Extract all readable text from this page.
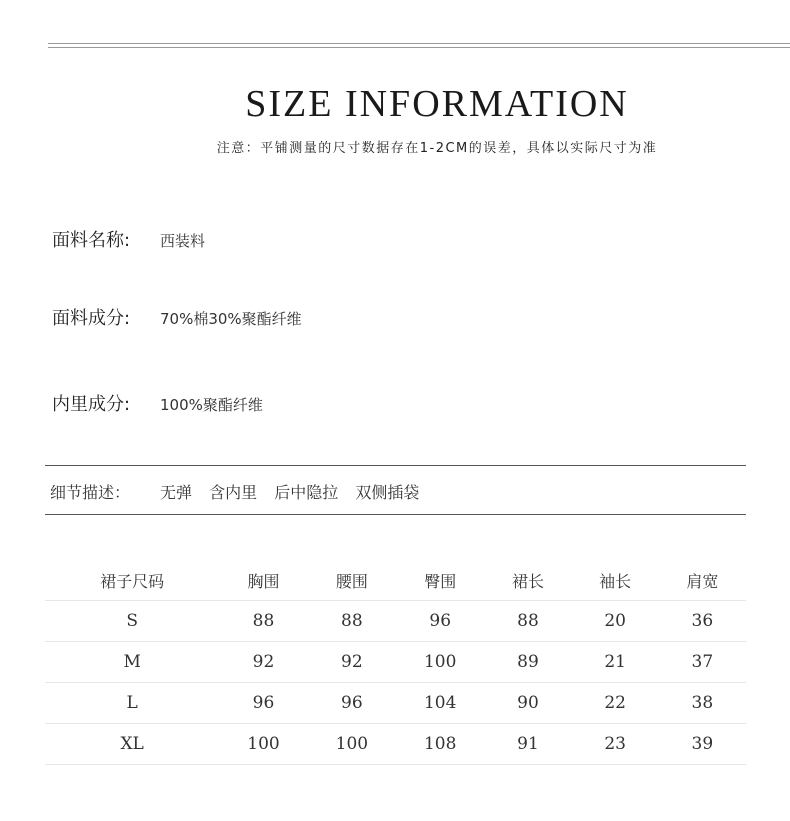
SIZE INFORMATION
注意：平铺测量的尺寸数据存在1-2CM的误差，具体以实际尺寸为准
面料名称:	西装料
面料成分:	70%棉30%聚酯纤维
内里成分:	100%聚酯纤维
细节描述：	无弹 含内里 后中隐拉 双侧插袋
裙子尺码	胸围	腰围	臀围	裙长	袖长	肩宽
S	88	88	96	88	20	36
M	92	92	100	89	21	37
L	96	96	104	90	22	38
XL	100	100	108	91	23	39
